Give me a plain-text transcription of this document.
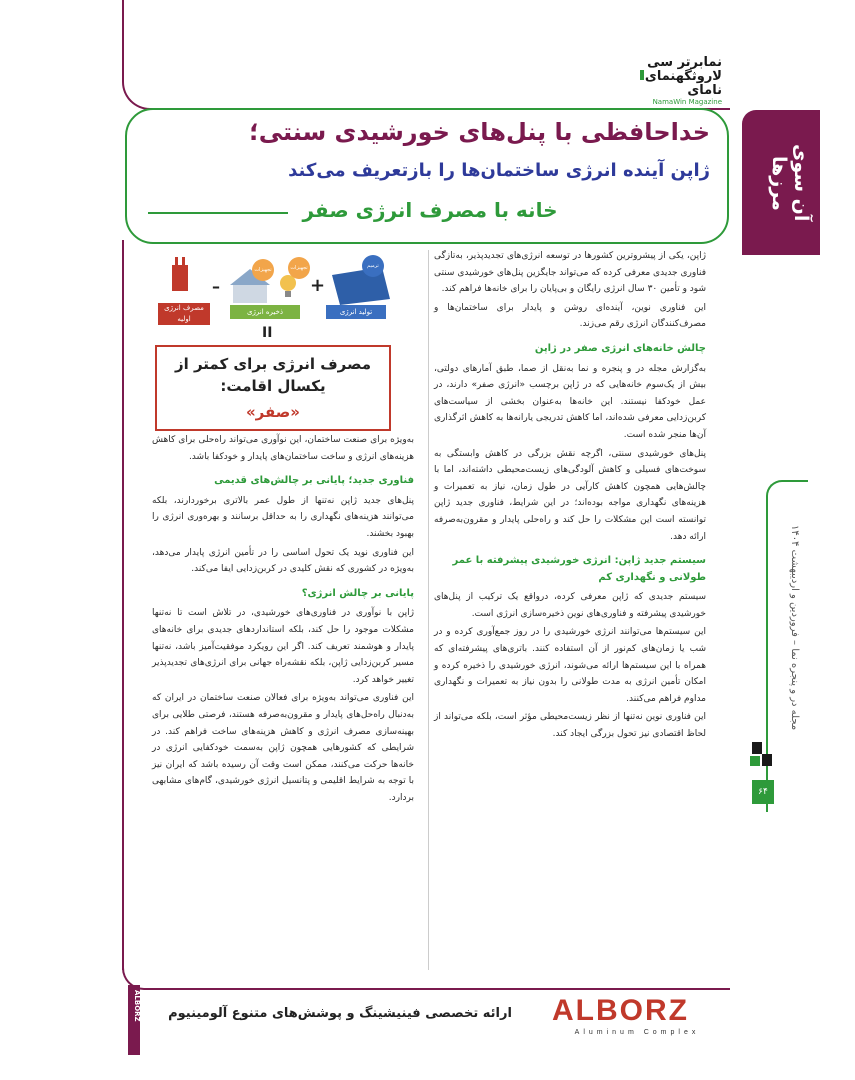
نمابرتر سی لاروثگهنمای نامای
NamaWin Magazine
آن سوی مرزها
مجله در و پنجره نما – فروردین و اردیبهشت ۱۴۰۴
۶۴
خداحافظی با پنل‌های خورشیدی سنتی؛
ژاپن آینده انرژی ساختمان‌ها را بازتعریف می‌کند
خانه با مصرف انرژی صفر
تجهیزات	تجهیزات	ترمیم
مصرف انرژی اولیه
ذخیره انرژی	تولید انرژی
–	+
II
مصرف انرژی برای کمتر از
یکسال اقامت:
«صفر»

ژاپن، یکی از پیشروترین کشورها در توسعه انرژی‌های تجدیدپذیر، به‌تازگی فناوری جدیدی معرفی کرده که می‌تواند جایگزین پنل‌های خورشیدی سنتی شود و تأمین ۳۰ سال انرژی رایگان و بی‌پایان را برای خانه‌ها فراهم کند.

این فناوری نوین، آینده‌ای روشن و پایدار برای ساختمان‌ها و مصرف‌کنندگان انرژی رقم می‌زند.

چالش خانه‌های انرژی صفر در ژاپن

به‌گزارش مجله در و پنجره و نما به‌نقل از صما، طبق آمارهای دولتی، بیش از یک‌سوم خانه‌هایی که در ژاپن برچسب «انرژی صفر» دارند، در عمل خودکفا نیستند. این خانه‌ها به‌عنوان بخشی از سیاست‌های کربن‌زدایی معرفی شده‌اند، اما کاهش تدریجی یارانه‌ها به کاهش اثرگذاری آن‌ها منجر شده است.

پنل‌های خورشیدی سنتی، اگرچه نقش بزرگی در کاهش وابستگی به سوخت‌های فسیلی و کاهش آلودگی‌های زیست‌محیطی داشته‌اند، اما با چالش‌هایی همچون کاهش کارآیی در طول زمان، نیاز به تعمیرات و هزینه‌های نگهداری مواجه بوده‌اند؛ در این شرایط، فناوری جدید ژاپن توانسته است این مشکلات را حل کند و راه‌حلی پایدار و مقرون‌به‌صرفه ارائه دهد.

سیستم جدید ژاپن: انرژی خورشیدی پیشرفته با عمر طولانی و نگهداری کم

سیستم جدیدی که ژاپن معرفی کرده، درواقع یک ترکیب از پنل‌های خورشیدی پیشرفته و فناوری‌های نوین ذخیره‌سازی انرژی است.

این سیستم‌ها می‌توانند انرژی خورشیدی را در روز جمع‌آوری کرده و در شب یا زمان‌های کم‌نور از آن استفاده کنند. باتری‌های پیشرفته‌ای که همراه با این سیستم‌ها ارائه می‌شوند، انرژی خورشیدی را ذخیره کرده و امکان تأمین انرژی به مدت طولانی را بدون نیاز به تعمیرات و نگهداری مداوم فراهم می‌کنند.

این فناوری نوین نه‌تنها از نظر زیست‌محیطی مؤثر است، بلکه می‌تواند از لحاظ اقتصادی نیز تحول بزرگی ایجاد کند.

به‌ویژه برای صنعت ساختمان، این نوآوری می‌تواند راه‌حلی برای کاهش هزینه‌های انرژی و ساخت ساختمان‌های پایدار و خودکفا باشد.

فناوری جدید؛ پایانی بر چالش‌های قدیمی

پنل‌های جدید ژاپن نه‌تنها از طول عمر بالاتری برخوردارند، بلکه می‌توانند هزینه‌های نگهداری را به حداقل برسانند و بهره‌وری انرژی را بهبود بخشند.

این فناوری نوید یک تحول اساسی را در تأمین انرژی پایدار می‌دهد، به‌ویژه در کشوری که نقش کلیدی در کربن‌زدایی ایفا می‌کند.

پایانی بر چالش انرژی؟

ژاپن با نوآوری در فناوری‌های خورشیدی، در تلاش است تا نه‌تنها مشکلات موجود را حل کند، بلکه استانداردهای جدیدی برای خانه‌های پایدار و هوشمند تعریف کند. اگر این رویکرد موفقیت‌آمیز باشد، نه‌تنها مسیر کربن‌زدایی ژاپن، بلکه نقشه‌راه جهانی برای انرژی‌های تجدیدپذیر تغییر خواهد کرد.

این فناوری می‌تواند به‌ویژه برای فعالان صنعت ساختمان در ایران که به‌دنبال راه‌حل‌های پایدار و مقرون‌به‌صرفه هستند، فرصتی طلایی برای بهینه‌سازی مصرف انرژی و کاهش هزینه‌های ساخت فراهم کند. در شرایطی که کشورهایی همچون ژاپن به‌سمت خودکفایی انرژی در خانه‌ها حرکت می‌کنند، ممکن است وقت آن رسیده باشد که ایران نیز با توجه به شرایط اقلیمی و پتانسیل انرژی خورشیدی، گام‌های مشابهی بردارد.

ALBORZ	ارائه تخصصی فینیشینگ و پوشش‌های متنوع آلومینیوم ALBORZ
Aluminum Complex
